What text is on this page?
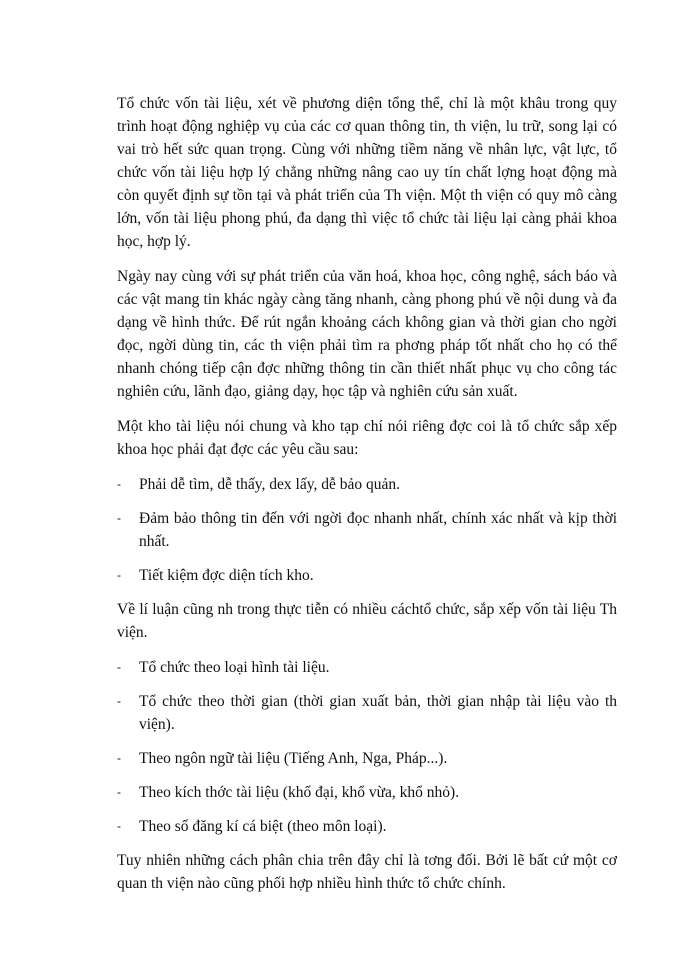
Tổ chức vốn tài liệu, xét về phương diện tổng thể, chỉ là một khâu trong quy trình hoạt động nghiệp vụ của các cơ quan thông tin, th viện, lu trữ, song lại có vai trò hết sức quan trọng. Cùng với những tiềm năng về nhân lực, vật lực, tổ chức vốn tài liệu hợp lý chẳng những nâng cao uy tín chất lợng hoạt động mà còn quyết định sự tồn tại và phát triển của Th viện. Một th viện có quy mô càng lớn, vốn tài liệu phong phú, đa dạng thì việc tổ chức tài liệu lại càng phải khoa học, hợp lý.

Ngày nay cùng với sự phát triển của văn hoá, khoa học, công nghệ, sách báo và các vật mang tin khác ngày càng tăng nhanh, càng phong phú về nội dung và đa dạng về hình thức. Để rút ngắn khoảng cách không gian và thời gian cho ngời đọc, ngời dùng tin, các th viện phải tìm ra phơng pháp tốt nhất cho họ có thể nhanh chóng tiếp cận đợc những thông tin cần thiết nhất phục vụ cho công tác nghiên cứu, lãnh đạo, giảng dạy, học tập và nghiên cứu sản xuất.

Một kho tài liệu nói chung và kho tạp chí nói riêng đợc coi là tổ chức sắp xếp khoa học phải đạt đợc các yêu cầu sau:

- Phải dễ tìm, dễ thấy, dex lấy, dễ bảo quản.
- Đảm bảo thông tin đến với ngời đọc nhanh nhất, chính xác nhất và kịp thời nhất.
- Tiết kiệm đợc diện tích kho.

Về lí luận cũng nh trong thực tiễn có nhiều cáchtổ chức, sắp xếp vốn tài liệu Th viện.

- Tổ chức theo loại hình tài liệu.
- Tổ chức theo thời gian (thời gian xuất bản, thời gian nhập tài liệu vào th viện).
- Theo ngôn ngữ tài liệu (Tiếng Anh, Nga, Pháp...).
- Theo kích thớc tài liệu (khổ đại, khổ vừa, khổ nhỏ).
- Theo số đăng kí cá biệt (theo môn loại).

Tuy nhiên những cách phân chia trên đây chỉ là tơng đối. Bởi lẽ bất cứ một cơ quan th viện nào cũng phối hợp nhiều hình thức tổ chức chính.
